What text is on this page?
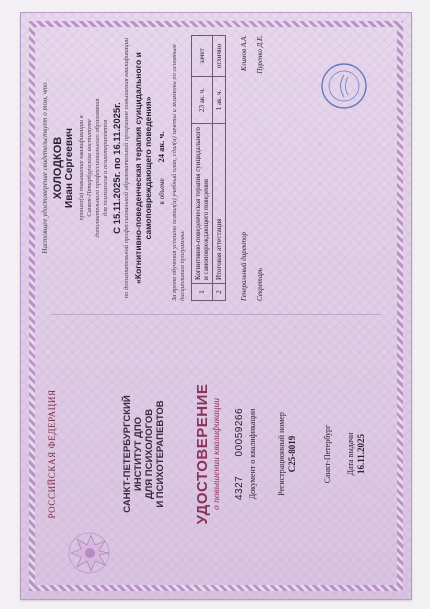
РОССИЙСКАЯ ФЕДЕРАЦИЯ	САНКТ-ПЕТЕРБУРГСКИЙ ИНСТИТУТ ДПО ДЛЯ ПСИХОЛОГОВ И ПСИХОТЕРАПЕВТОВ УДОСТОВЕРЕНИЕ о повышении квалификации 4327 00059266 Документ о квалификации	Регистрационный номер С25-8019	Санкт-Петербург Дата выдачи 16.11.2025
Настоящее удостоверение свидетельствует о том, что ХОЛОДКОВ Иван Сергеевич прошел(а) повышение квалификации в Санкт-Петербургском институте дополнительного профессионального образования для психологов и психотерапевтов С 15.11.2025г. по 16.11.2025г. по дополнительной профессиональной образовательной программе повышения квалификации «Когнитивно-поведенческая терапия суицидального и самоповреждающего поведения» в объеме 24 ак. ч. За время обучения успешно освоил(а) учебный план, сдал(а) зачеты и экзамены по основным дисциплинам программы: 1	Когнитивно-поведенческая терапия суицидального и самоповреждающего поведения	23 ак. ч.	зачет
2	Итоговая аттестация	1 ак. ч.	отлично
Генеральный директор
Климов А.А.
Секретарь
Пуренко Д.Е.
